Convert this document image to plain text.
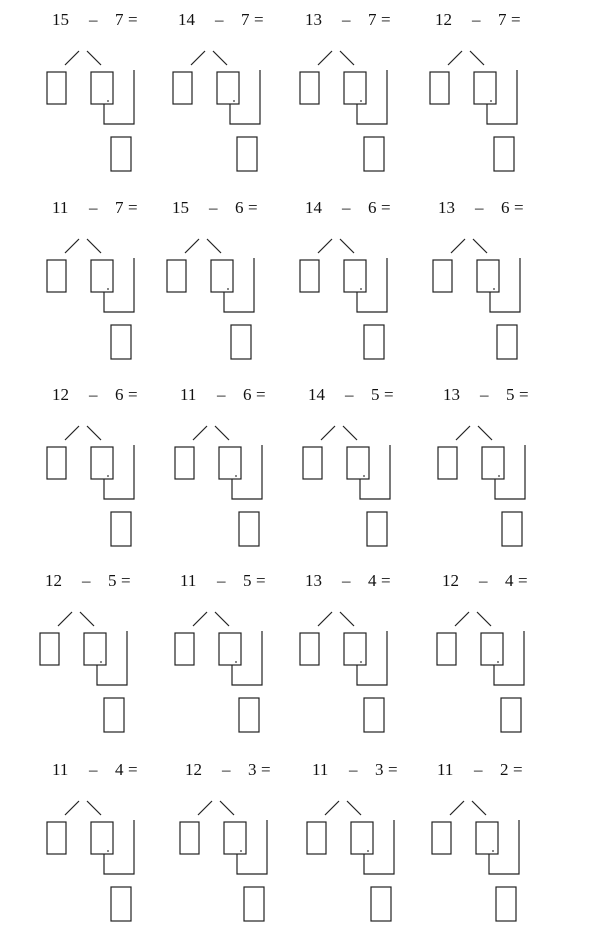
15 – 7 = 14 – 7 = 13 – 7 =	12 – 7 =
11 – 7 = 15 – 6 =	14 – 6 =	13 – 6 =
12 – 6 = 11 – 6 = 14 – 5 =	13 – 5 =
12 – 5 =	11 – 5 = 13 – 4 =	12 – 4 =
11 – 4 =	12 – 3 = 11 – 3 = 11 – 2 =
